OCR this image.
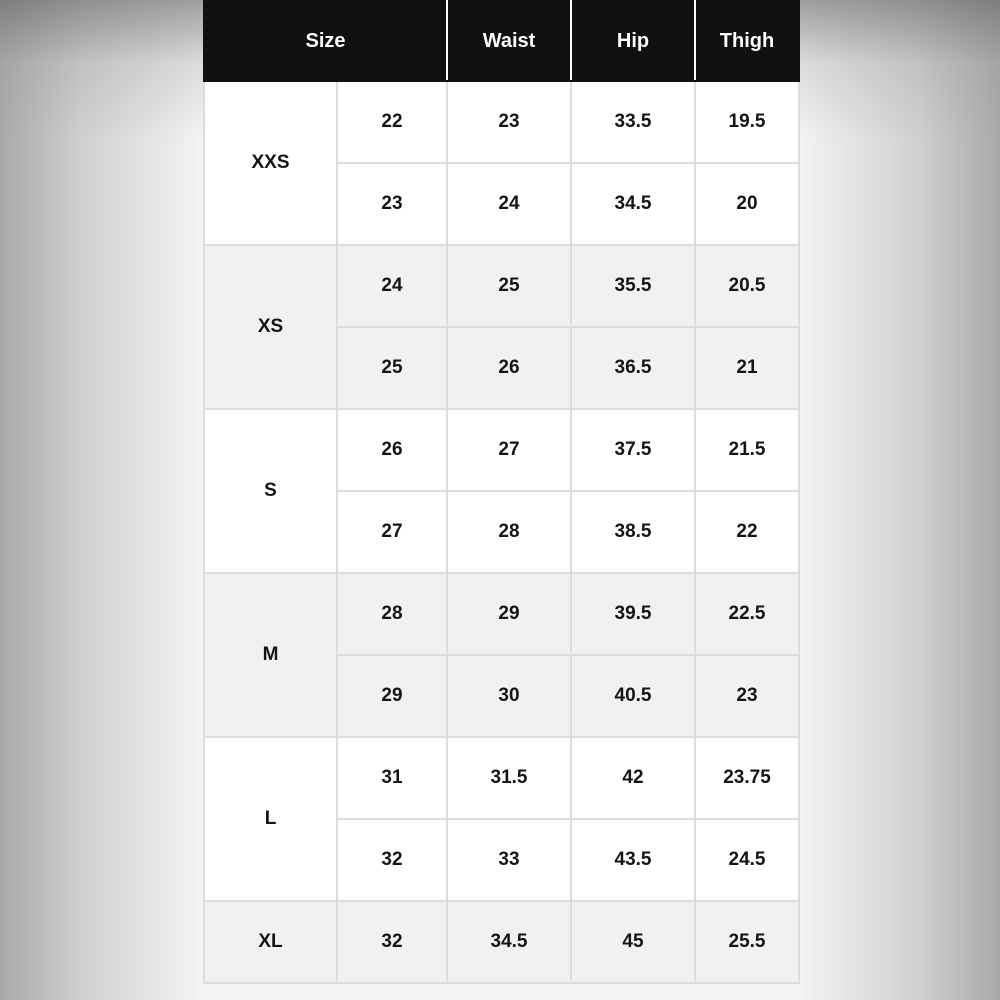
Size		Waist	Hip	Thigh
XXS	22	23	33.5	19.5
	23	24	34.5	20
XS	24	25	35.5	20.5
	25	26	36.5	21
S	26	27	37.5	21.5
	27	28	38.5	22
M	28	29	39.5	22.5
	29	30	40.5	23
L	31	31.5	42	23.75
	32	33	43.5	24.5
XL	32	34.5	45	25.5
